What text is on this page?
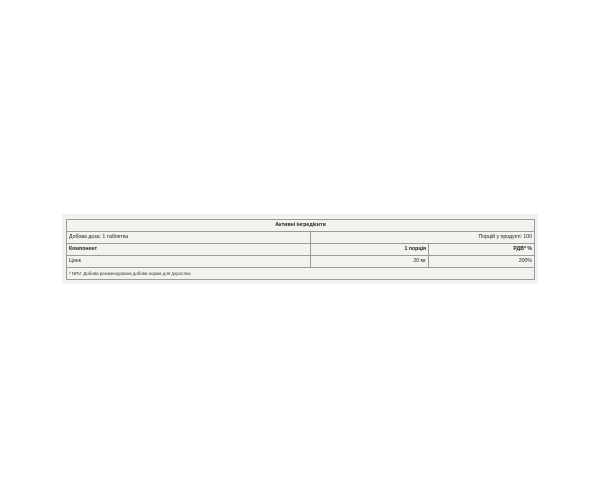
Активні інгредієнти		
Добова доза: 1 таблетка	Порцій у продукті: 100	
Компонент	1 порція	РДВ* %
Цинк	20 мг	200%
* NRV: Добова рекомендована добова норма для дорослих		
